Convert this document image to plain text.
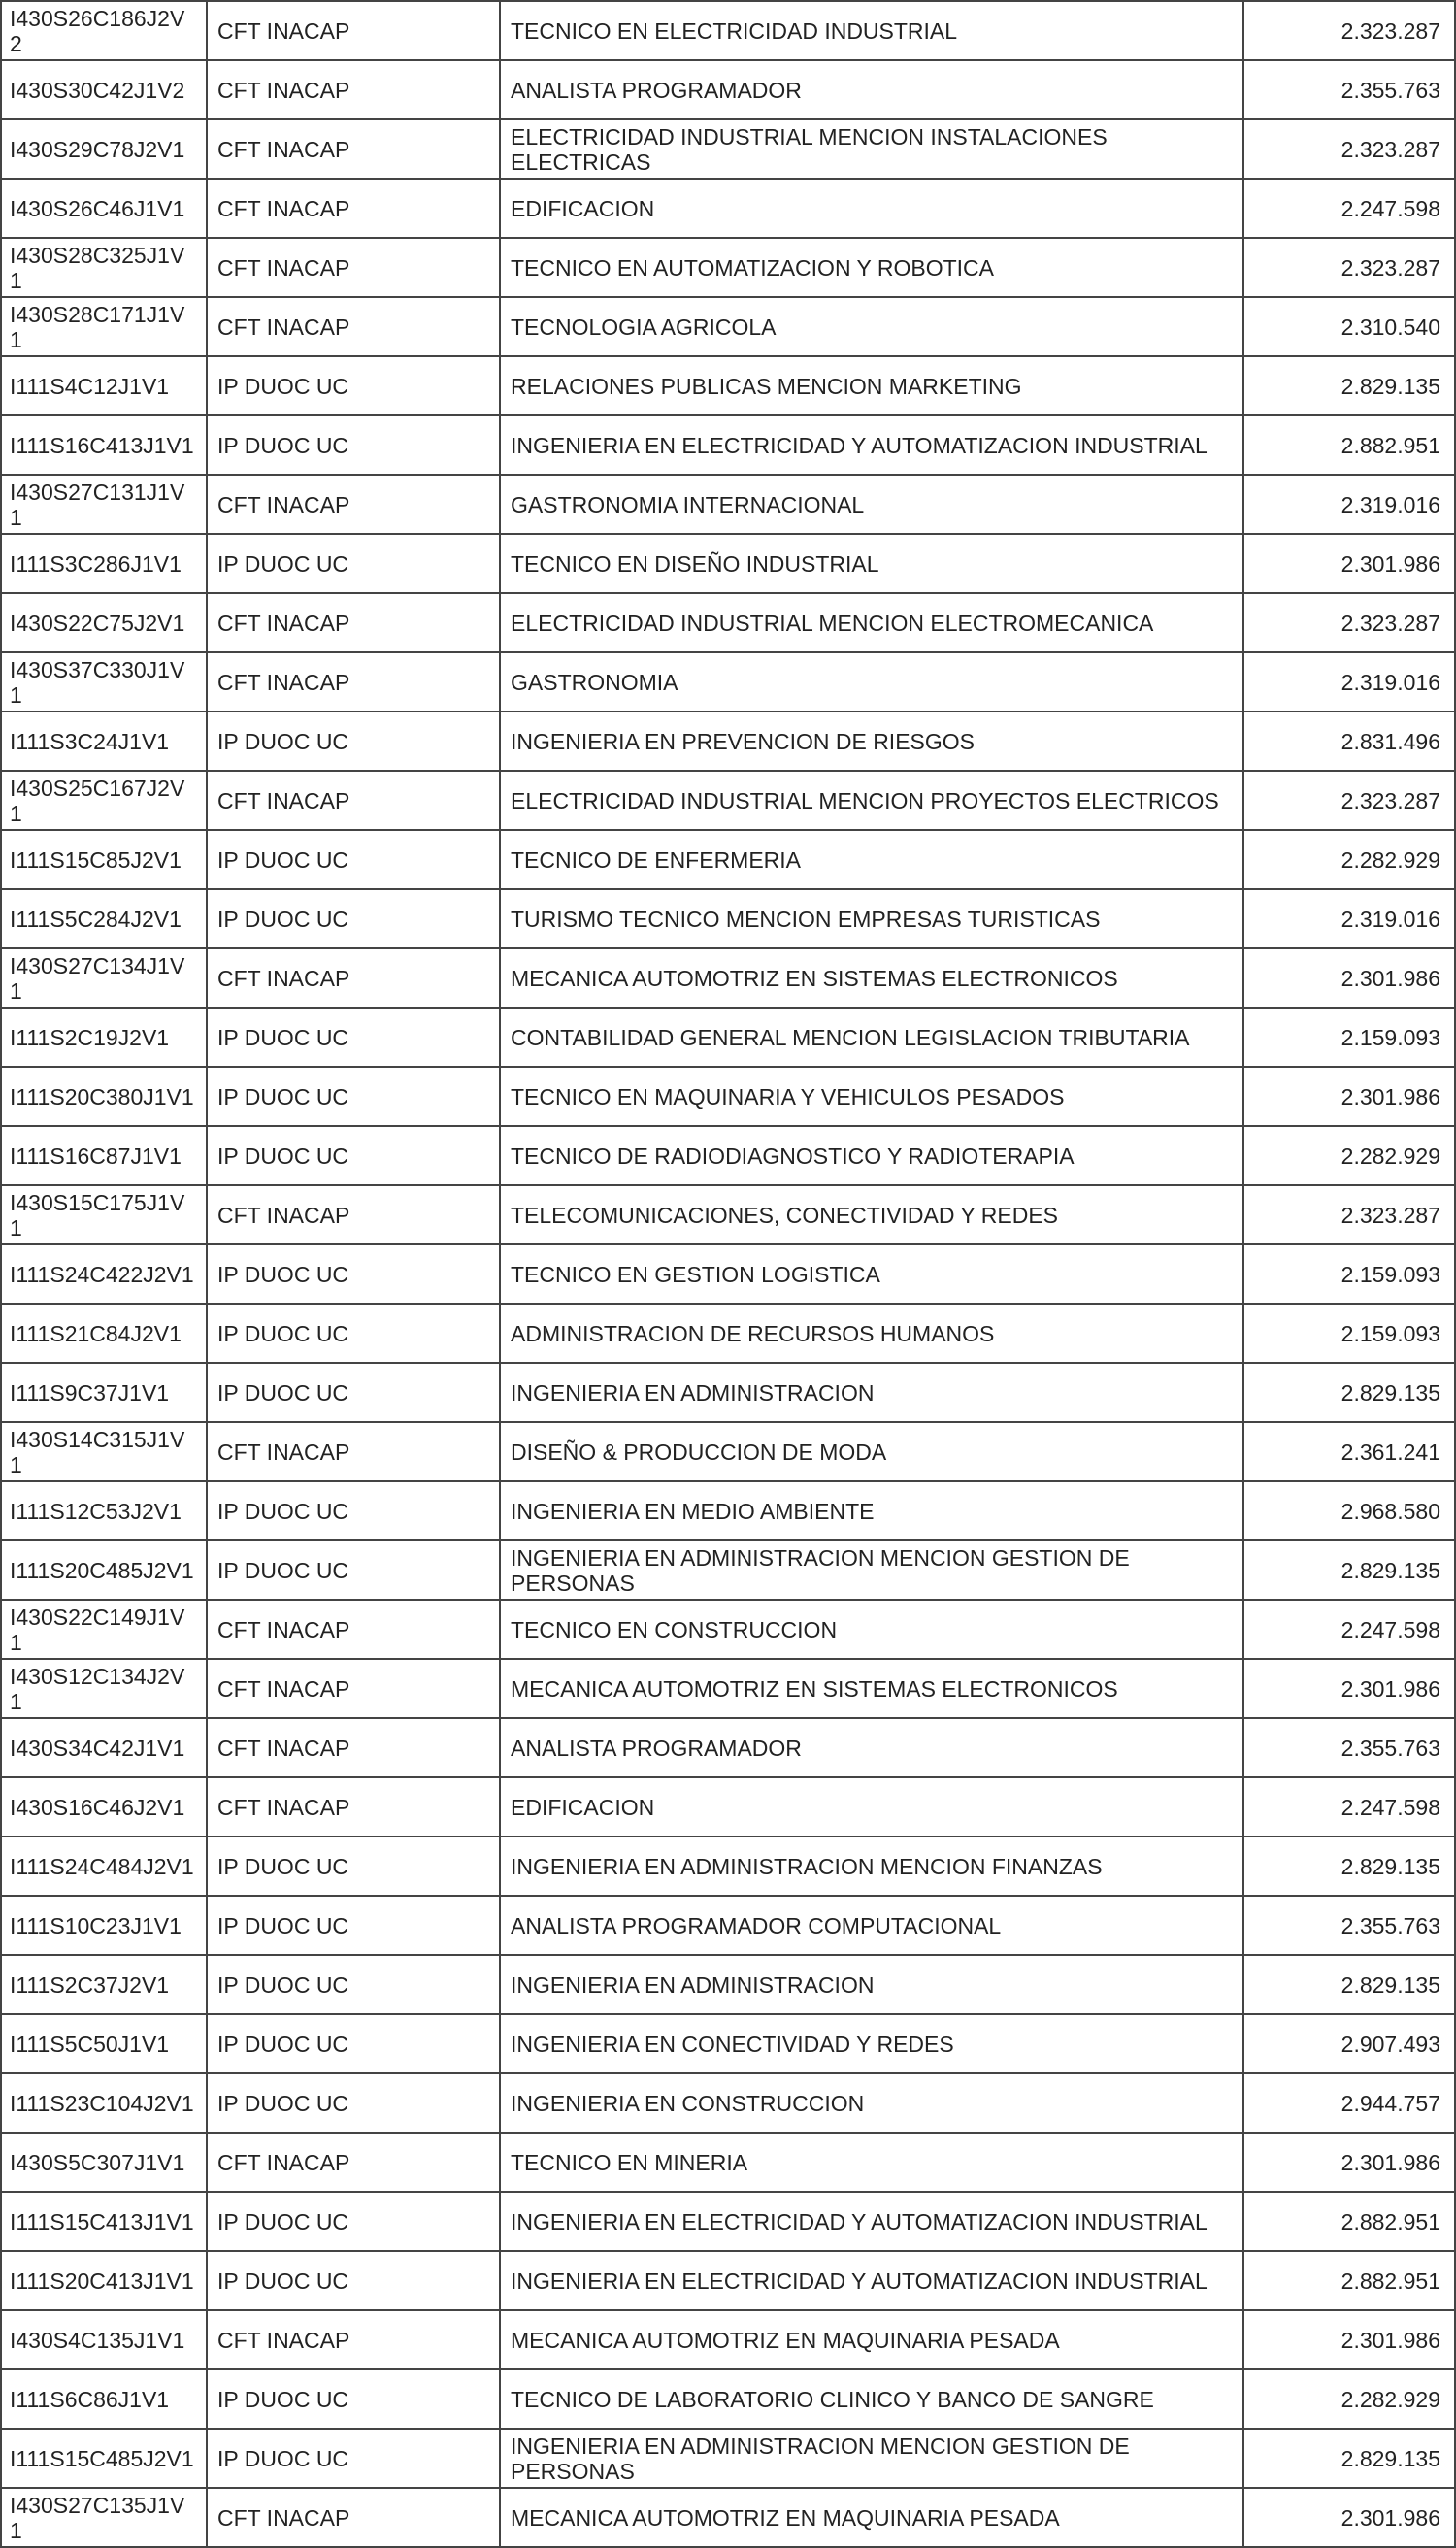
I430S26C186J2V2	CFT INACAP	TECNICO EN ELECTRICIDAD INDUSTRIAL	2.323.287
I430S30C42J1V2	CFT INACAP	ANALISTA PROGRAMADOR	2.355.763
I430S29C78J2V1	CFT INACAP	ELECTRICIDAD INDUSTRIAL MENCION INSTALACIONES ELECTRICAS	2.323.287
I430S26C46J1V1	CFT INACAP	EDIFICACION	2.247.598
I430S28C325J1V1	CFT INACAP	TECNICO EN AUTOMATIZACION Y ROBOTICA	2.323.287
I430S28C171J1V1	CFT INACAP	TECNOLOGIA AGRICOLA	2.310.540
I111S4C12J1V1	IP DUOC UC	RELACIONES PUBLICAS MENCION MARKETING	2.829.135
I111S16C413J1V1	IP DUOC UC	INGENIERIA EN ELECTRICIDAD Y AUTOMATIZACION INDUSTRIAL	2.882.951
I430S27C131J1V1	CFT INACAP	GASTRONOMIA INTERNACIONAL	2.319.016
I111S3C286J1V1	IP DUOC UC	TECNICO EN DISEÑO INDUSTRIAL	2.301.986
I430S22C75J2V1	CFT INACAP	ELECTRICIDAD INDUSTRIAL MENCION ELECTROMECANICA	2.323.287
I430S37C330J1V1	CFT INACAP	GASTRONOMIA	2.319.016
I111S3C24J1V1	IP DUOC UC	INGENIERIA EN PREVENCION DE RIESGOS	2.831.496
I430S25C167J2V1	CFT INACAP	ELECTRICIDAD INDUSTRIAL MENCION PROYECTOS ELECTRICOS	2.323.287
I111S15C85J2V1	IP DUOC UC	TECNICO DE ENFERMERIA	2.282.929
I111S5C284J2V1	IP DUOC UC	TURISMO TECNICO MENCION EMPRESAS TURISTICAS	2.319.016
I430S27C134J1V1	CFT INACAP	MECANICA AUTOMOTRIZ EN SISTEMAS ELECTRONICOS	2.301.986
I111S2C19J2V1	IP DUOC UC	CONTABILIDAD GENERAL MENCION LEGISLACION TRIBUTARIA	2.159.093
I111S20C380J1V1	IP DUOC UC	TECNICO EN MAQUINARIA Y VEHICULOS PESADOS	2.301.986
I111S16C87J1V1	IP DUOC UC	TECNICO DE RADIODIAGNOSTICO Y RADIOTERAPIA	2.282.929
I430S15C175J1V1	CFT INACAP	TELECOMUNICACIONES, CONECTIVIDAD Y REDES	2.323.287
I111S24C422J2V1	IP DUOC UC	TECNICO EN GESTION LOGISTICA	2.159.093
I111S21C84J2V1	IP DUOC UC	ADMINISTRACION DE RECURSOS HUMANOS	2.159.093
I111S9C37J1V1	IP DUOC UC	INGENIERIA EN ADMINISTRACION	2.829.135
I430S14C315J1V1	CFT INACAP	DISEÑO & PRODUCCION DE MODA	2.361.241
I111S12C53J2V1	IP DUOC UC	INGENIERIA EN MEDIO AMBIENTE	2.968.580
I111S20C485J2V1	IP DUOC UC	INGENIERIA EN ADMINISTRACION MENCION GESTION DE PERSONAS	2.829.135
I430S22C149J1V1	CFT INACAP	TECNICO EN CONSTRUCCION	2.247.598
I430S12C134J2V1	CFT INACAP	MECANICA AUTOMOTRIZ EN SISTEMAS ELECTRONICOS	2.301.986
I430S34C42J1V1	CFT INACAP	ANALISTA PROGRAMADOR	2.355.763
I430S16C46J2V1	CFT INACAP	EDIFICACION	2.247.598
I111S24C484J2V1	IP DUOC UC	INGENIERIA EN ADMINISTRACION MENCION FINANZAS	2.829.135
I111S10C23J1V1	IP DUOC UC	ANALISTA PROGRAMADOR COMPUTACIONAL	2.355.763
I111S2C37J2V1	IP DUOC UC	INGENIERIA EN ADMINISTRACION	2.829.135
I111S5C50J1V1	IP DUOC UC	INGENIERIA EN CONECTIVIDAD Y REDES	2.907.493
I111S23C104J2V1	IP DUOC UC	INGENIERIA EN CONSTRUCCION	2.944.757
I430S5C307J1V1	CFT INACAP	TECNICO EN MINERIA	2.301.986
I111S15C413J1V1	IP DUOC UC	INGENIERIA EN ELECTRICIDAD Y AUTOMATIZACION INDUSTRIAL	2.882.951
I111S20C413J1V1	IP DUOC UC	INGENIERIA EN ELECTRICIDAD Y AUTOMATIZACION INDUSTRIAL	2.882.951
I430S4C135J1V1	CFT INACAP	MECANICA AUTOMOTRIZ EN MAQUINARIA PESADA	2.301.986
I111S6C86J1V1	IP DUOC UC	TECNICO DE LABORATORIO CLINICO Y BANCO DE SANGRE	2.282.929
I111S15C485J2V1	IP DUOC UC	INGENIERIA EN ADMINISTRACION MENCION GESTION DE PERSONAS	2.829.135
I430S27C135J1V1	CFT INACAP	MECANICA AUTOMOTRIZ EN MAQUINARIA PESADA	2.301.986
